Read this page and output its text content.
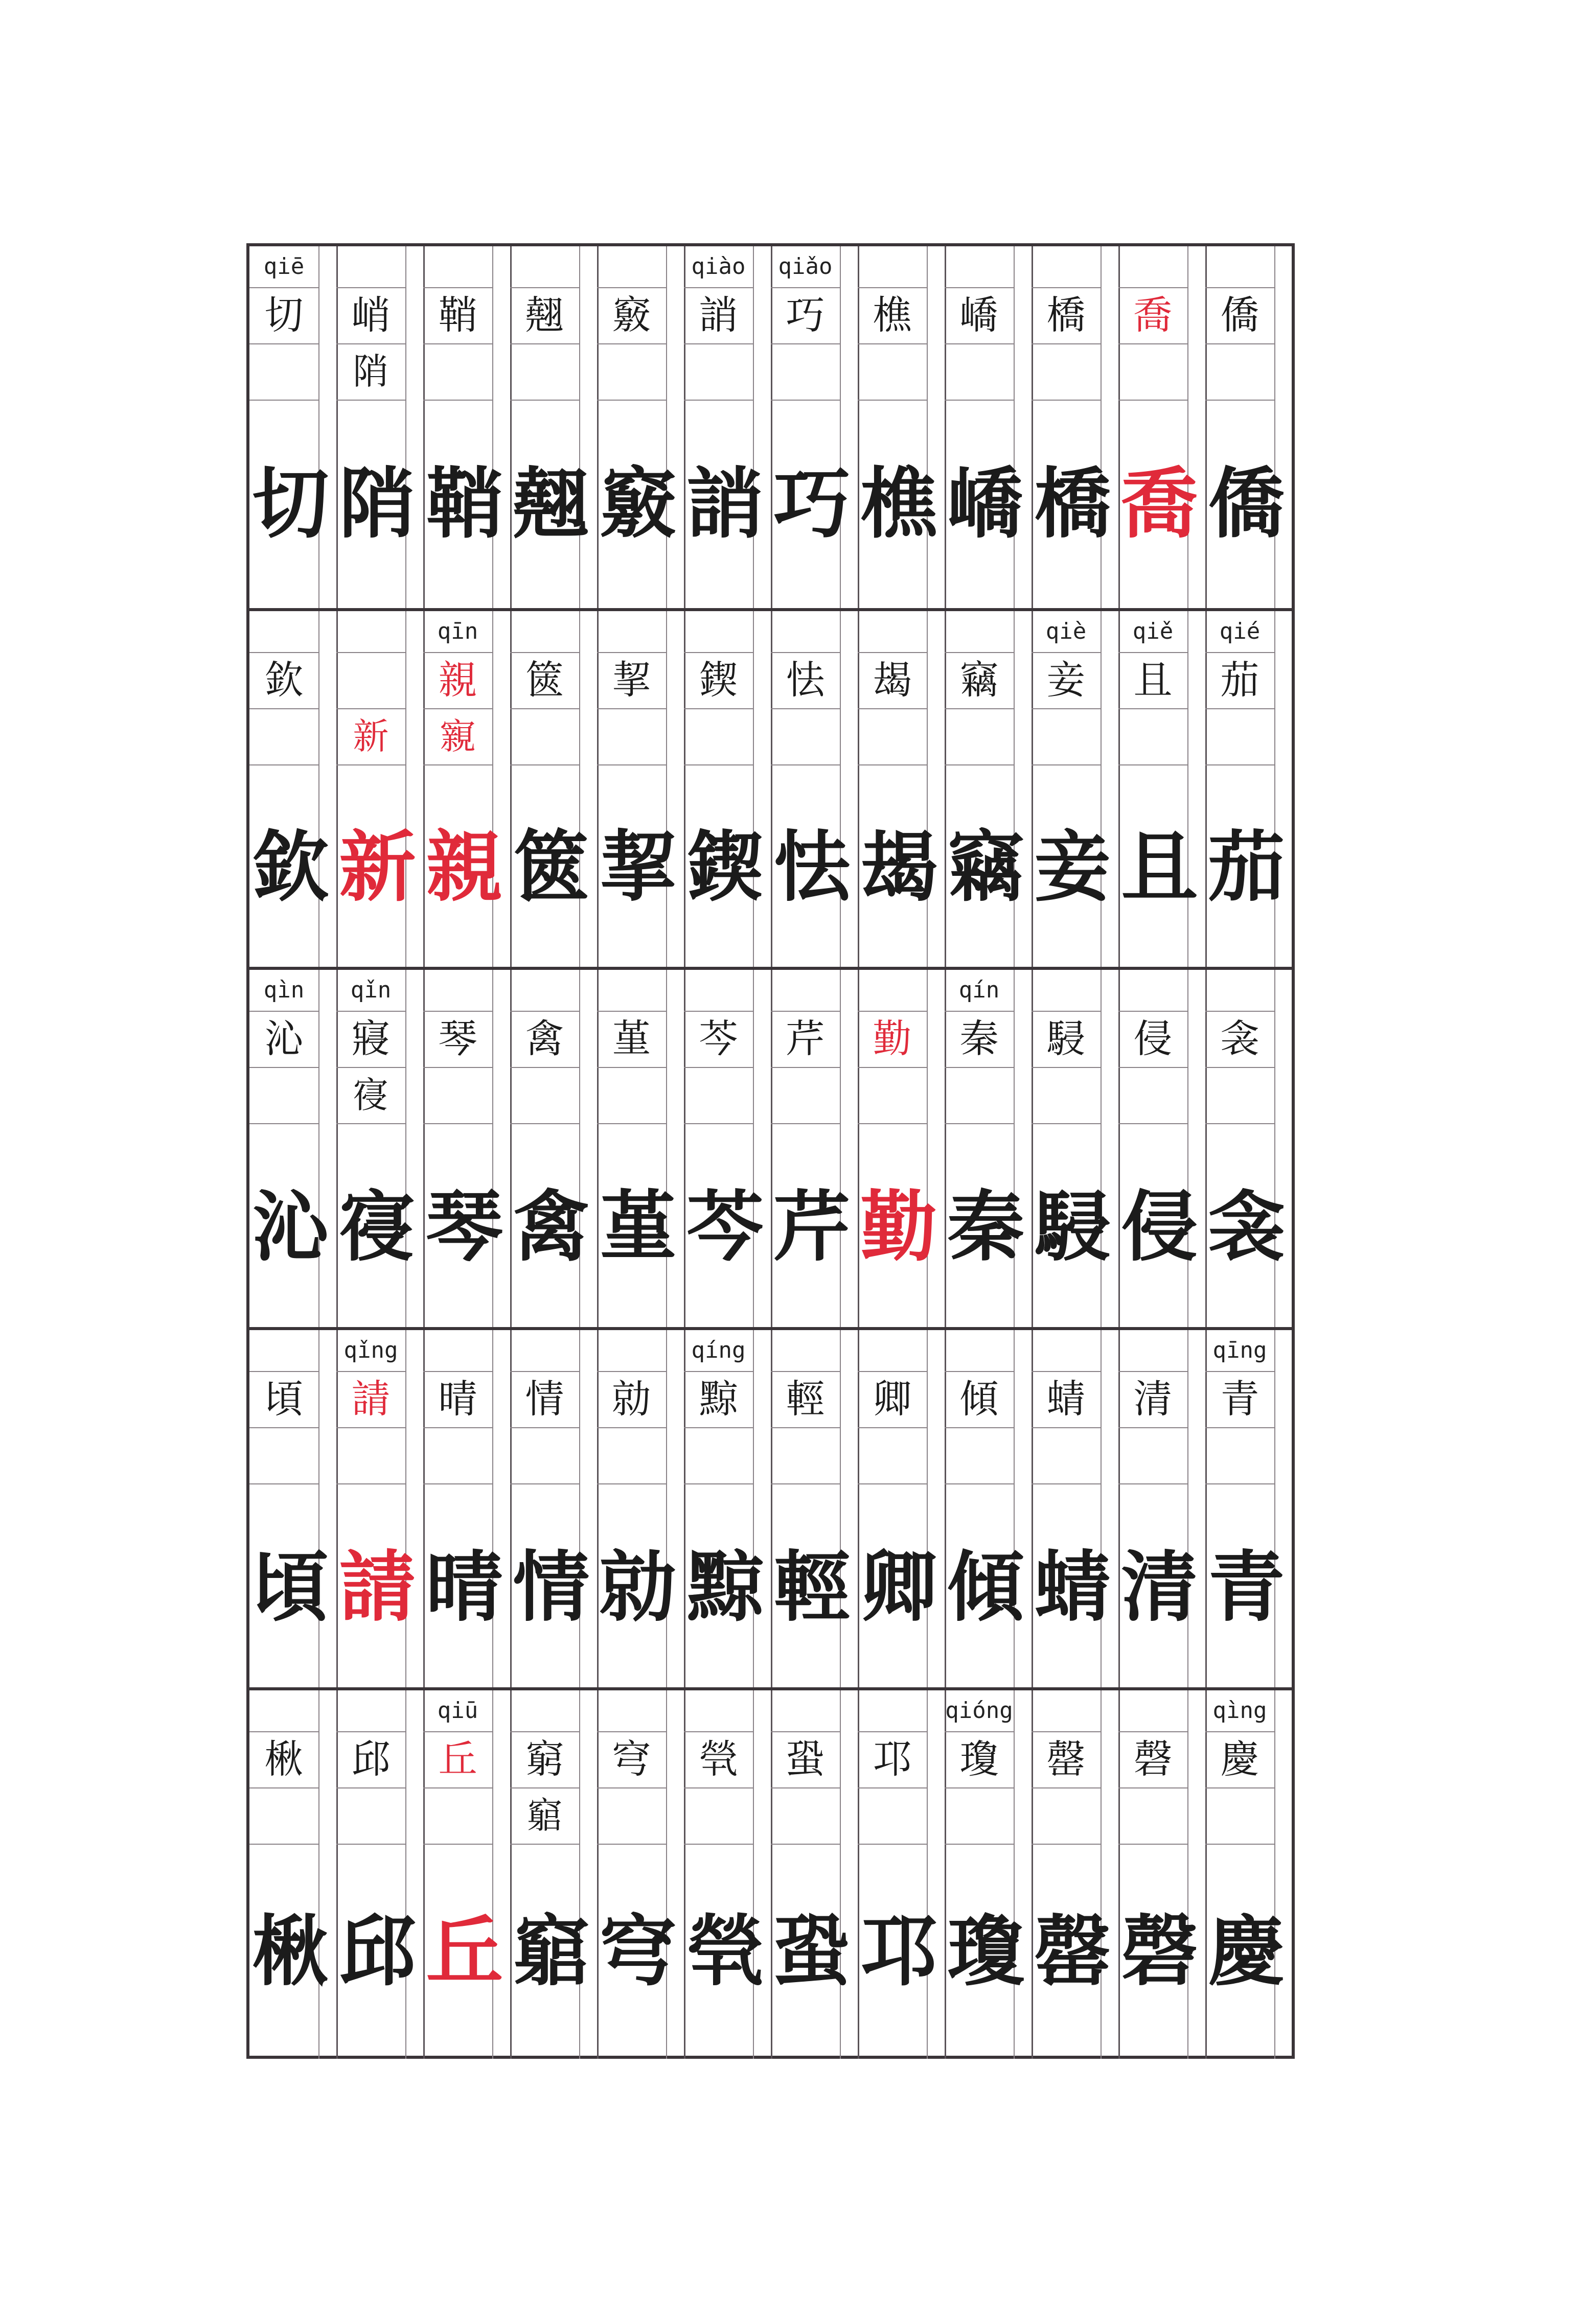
qiē
切
切
峭
陗
陗
鞘
鞘
翹
翹
竅
竅
qiào
誚
誚
qiǎo
巧
巧
樵
樵
嶠
嶠
橋
橋
喬
喬
僑
僑
欽
欽
新
新
qīn
親
寴
親
篋
篋
挈
挈
鍥
鍥
怯
怯
朅
朅
竊
竊
qiè
妾
妾
qiě
且
且
qié
茄
茄
qìn
沁
沁
qǐn
寢
寑
寑
琴
琴
禽
禽
堇
堇
芩
芩
芹
芹
勤
勤
qín
秦
秦
駸
駸
侵
侵
衾
衾
頃
頃
qǐng
請
請
晴
晴
情
情
勍
勍
qíng
黥
黥
輕
輕
卿
卿
傾
傾
蜻
蜻
清
清
qīng
青
青
楸
楸
邱
邱
qiū
丘
丘
窮
竆
竆
穹
穹
煢
煢
蛩
蛩
邛
邛
qióng
瓊
瓊
罄
罄
磬
磬
qìng
慶
慶
